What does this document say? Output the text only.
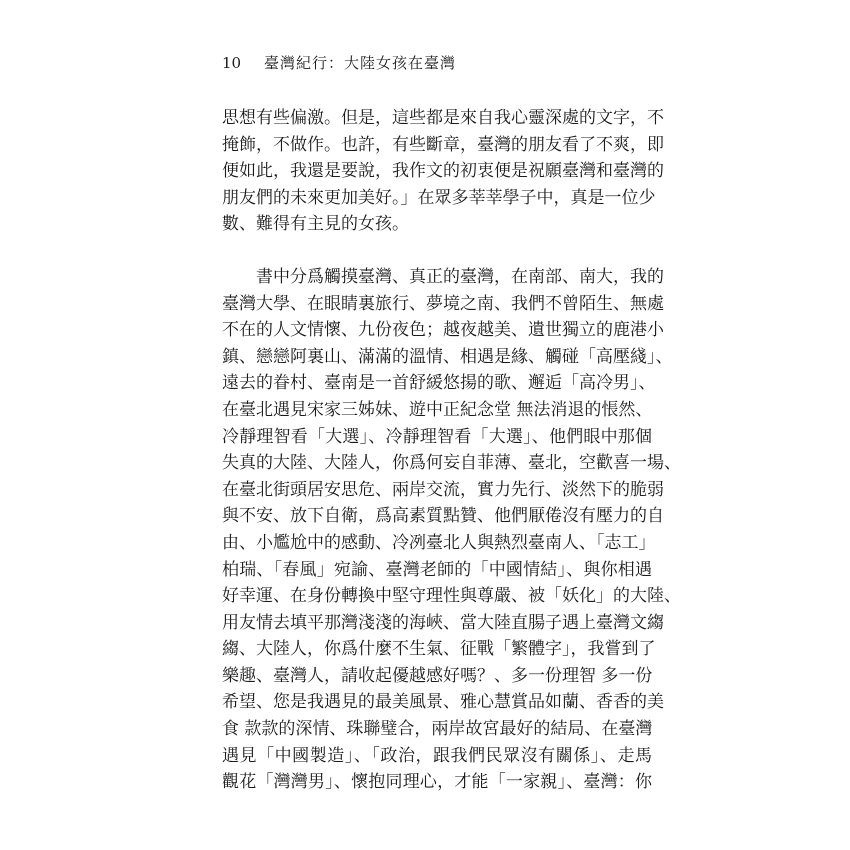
10 臺灣紀行：大陸女孩在臺灣
思想有些偏激。但是，這些都是來自我心靈深處的文字，不
掩飾，不做作。也許，有些斷章，臺灣的朋友看了不爽，即
便如此，我還是要說，我作文的初衷便是祝願臺灣和臺灣的
朋友們的未來更加美好。」在眾多莘莘學子中，真是一位少
數、難得有主見的女孩。
書中分爲觸摸臺灣、真正的臺灣，在南部、南大，我的
臺灣大學、在眼睛裏旅行、夢境之南、我們不曾陌生、無處
不在的人文情懷、九份夜色；越夜越美、遺世獨立的鹿港小
鎮、戀戀阿裏山、滿滿的溫情、相遇是緣、觸碰「高壓綫」、
遠去的眷村、臺南是一首舒緩悠揚的歌、邂逅「高冷男」、
在臺北遇見宋家三姊妹、遊中正紀念堂 無法消退的悵然、
冷靜理智看「大選」、冷靜理智看「大選」、他們眼中那個
失真的大陸、大陸人，你爲何妄自菲薄、臺北，空歡喜一場、
在臺北街頭居安思危、兩岸交流，實力先行、淡然下的脆弱
與不安、放下自衛，爲高素質點贊、他們厭倦沒有壓力的自
由、小尷尬中的感動、冷冽臺北人與熱烈臺南人、「志工」
柏瑞、「春風」宛諭、臺灣老師的「中國情結」、與你相遇
好幸運、在身份轉換中堅守理性與尊嚴、被「妖化」的大陸、
用友情去填平那灣淺淺的海峽、當大陸直腸子遇上臺灣文縐
縐、大陸人，你爲什麼不生氣、征戰「繁體字」，我嘗到了
樂趣、臺灣人，請收起優越感好嗎？、多一份理智 多一份
希望、您是我遇見的最美風景、雅心慧賞品如蘭、香香的美
食 款款的深情、珠聯璧合，兩岸故宮最好的結局、在臺灣
遇見「中國製造」、「政治，跟我們民眾沒有關係」、走馬
觀花「灣灣男」、懷抱同理心，才能「一家親」、臺灣：你
